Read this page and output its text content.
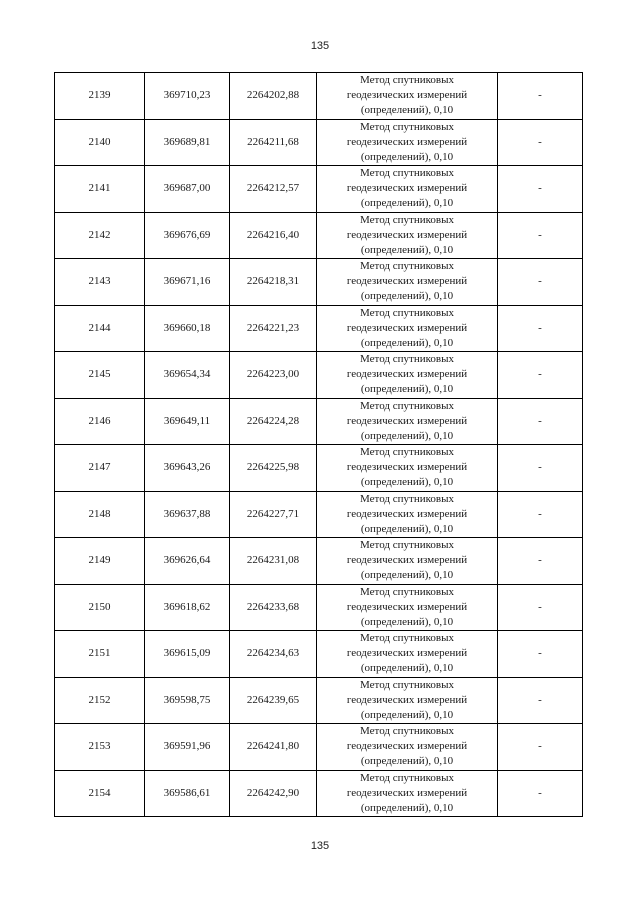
135
2139	369710,23	2264202,88	Метод спутниковых
геодезических измерений
(определений), 0,10	-
2140	369689,81	2264211,68	Метод спутниковых
геодезических измерений
(определений), 0,10	-
2141	369687,00	2264212,57	Метод спутниковых
геодезических измерений
(определений), 0,10	-
2142	369676,69	2264216,40	Метод спутниковых
геодезических измерений
(определений), 0,10	-
2143	369671,16	2264218,31	Метод спутниковых
геодезических измерений
(определений), 0,10	-
2144	369660,18	2264221,23	Метод спутниковых
геодезических измерений
(определений), 0,10	-
2145	369654,34	2264223,00	Метод спутниковых
геодезических измерений
(определений), 0,10	-
2146	369649,11	2264224,28	Метод спутниковых
геодезических измерений
(определений), 0,10	-
2147	369643,26	2264225,98	Метод спутниковых
геодезических измерений
(определений), 0,10	-
2148	369637,88	2264227,71	Метод спутниковых
геодезических измерений
(определений), 0,10	-
2149	369626,64	2264231,08	Метод спутниковых
геодезических измерений
(определений), 0,10	-
2150	369618,62	2264233,68	Метод спутниковых
геодезических измерений
(определений), 0,10	-
2151	369615,09	2264234,63	Метод спутниковых
геодезических измерений
(определений), 0,10	-
2152	369598,75	2264239,65	Метод спутниковых
геодезических измерений
(определений), 0,10	-
2153	369591,96	2264241,80	Метод спутниковых
геодезических измерений
(определений), 0,10	-
2154	369586,61	2264242,90	Метод спутниковых
геодезических измерений
(определений), 0,10	-
135
